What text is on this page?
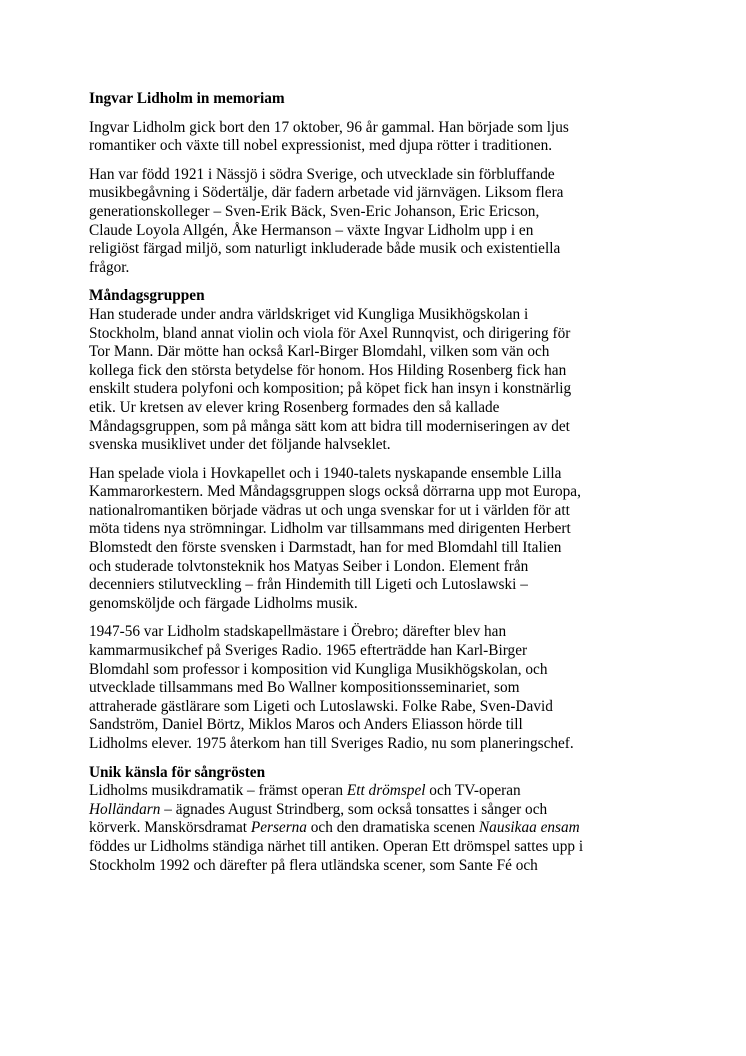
Ingvar Lidholm in memoriam
Ingvar Lidholm gick bort den 17 oktober, 96 år gammal. Han började som ljus
romantiker och växte till nobel expressionist, med djupa rötter i traditionen.
Han var född 1921 i Nässjö i södra Sverige, och utvecklade sin förbluffande
musikbegåvning i Södertälje, där fadern arbetade vid järnvägen. Liksom flera
generationskolleger – Sven-Erik Bäck, Sven-Eric Johanson, Eric Ericson,
Claude Loyola Allgén, Åke Hermanson – växte Ingvar Lidholm upp i en
religiöst färgad miljö, som naturligt inkluderade både musik och existentiella
frågor.
Måndagsgruppen
Han studerade under andra världskriget vid Kungliga Musikhögskolan i
Stockholm, bland annat violin och viola för Axel Runnqvist, och dirigering för
Tor Mann. Där mötte han också Karl-Birger Blomdahl, vilken som vän och
kollega fick den största betydelse för honom. Hos Hilding Rosenberg fick han
enskilt studera polyfoni och komposition; på köpet fick han insyn i konstnärlig
etik. Ur kretsen av elever kring Rosenberg formades den så kallade
Måndagsgruppen, som på många sätt kom att bidra till moderniseringen av det
svenska musiklivet under det följande halvseklet.
Han spelade viola i Hovkapellet och i 1940-talets nyskapande ensemble Lilla
Kammarorkestern. Med Måndagsgruppen slogs också dörrarna upp mot Europa,
nationalromantiken började vädras ut och unga svenskar for ut i världen för att
möta tidens nya strömningar. Lidholm var tillsammans med dirigenten Herbert
Blomstedt den förste svensken i Darmstadt, han for med Blomdahl till Italien
och studerade tolvtonsteknik hos Matyas Seiber i London. Element från
decenniers stilutveckling – från Hindemith till Ligeti och Lutoslawski –
genomsköljde och färgade Lidholms musik.
1947-56 var Lidholm stadskapellmästare i Örebro; därefter blev han
kammarmusikchef på Sveriges Radio. 1965 efterträdde han Karl-Birger
Blomdahl som professor i komposition vid Kungliga Musikhögskolan, och
utvecklade tillsammans med Bo Wallner kompositionsseminariet, som
attraherade gästlärare som Ligeti och Lutoslawski. Folke Rabe, Sven-David
Sandström, Daniel Börtz, Miklos Maros och Anders Eliasson hörde till
Lidholms elever. 1975 återkom han till Sveriges Radio, nu som planeringschef.
Unik känsla för sångrösten
Lidholms musikdramatik – främst operan Ett drömspel och TV-operan
Holländarn – ägnades August Strindberg, som också tonsattes i sånger och
körverk. Manskörsdramat Perserna och den dramatiska scenen Nausikaa ensam
föddes ur Lidholms ständiga närhet till antiken. Operan Ett drömspel sattes upp i
Stockholm 1992 och därefter på flera utländska scener, som Sante Fé och
